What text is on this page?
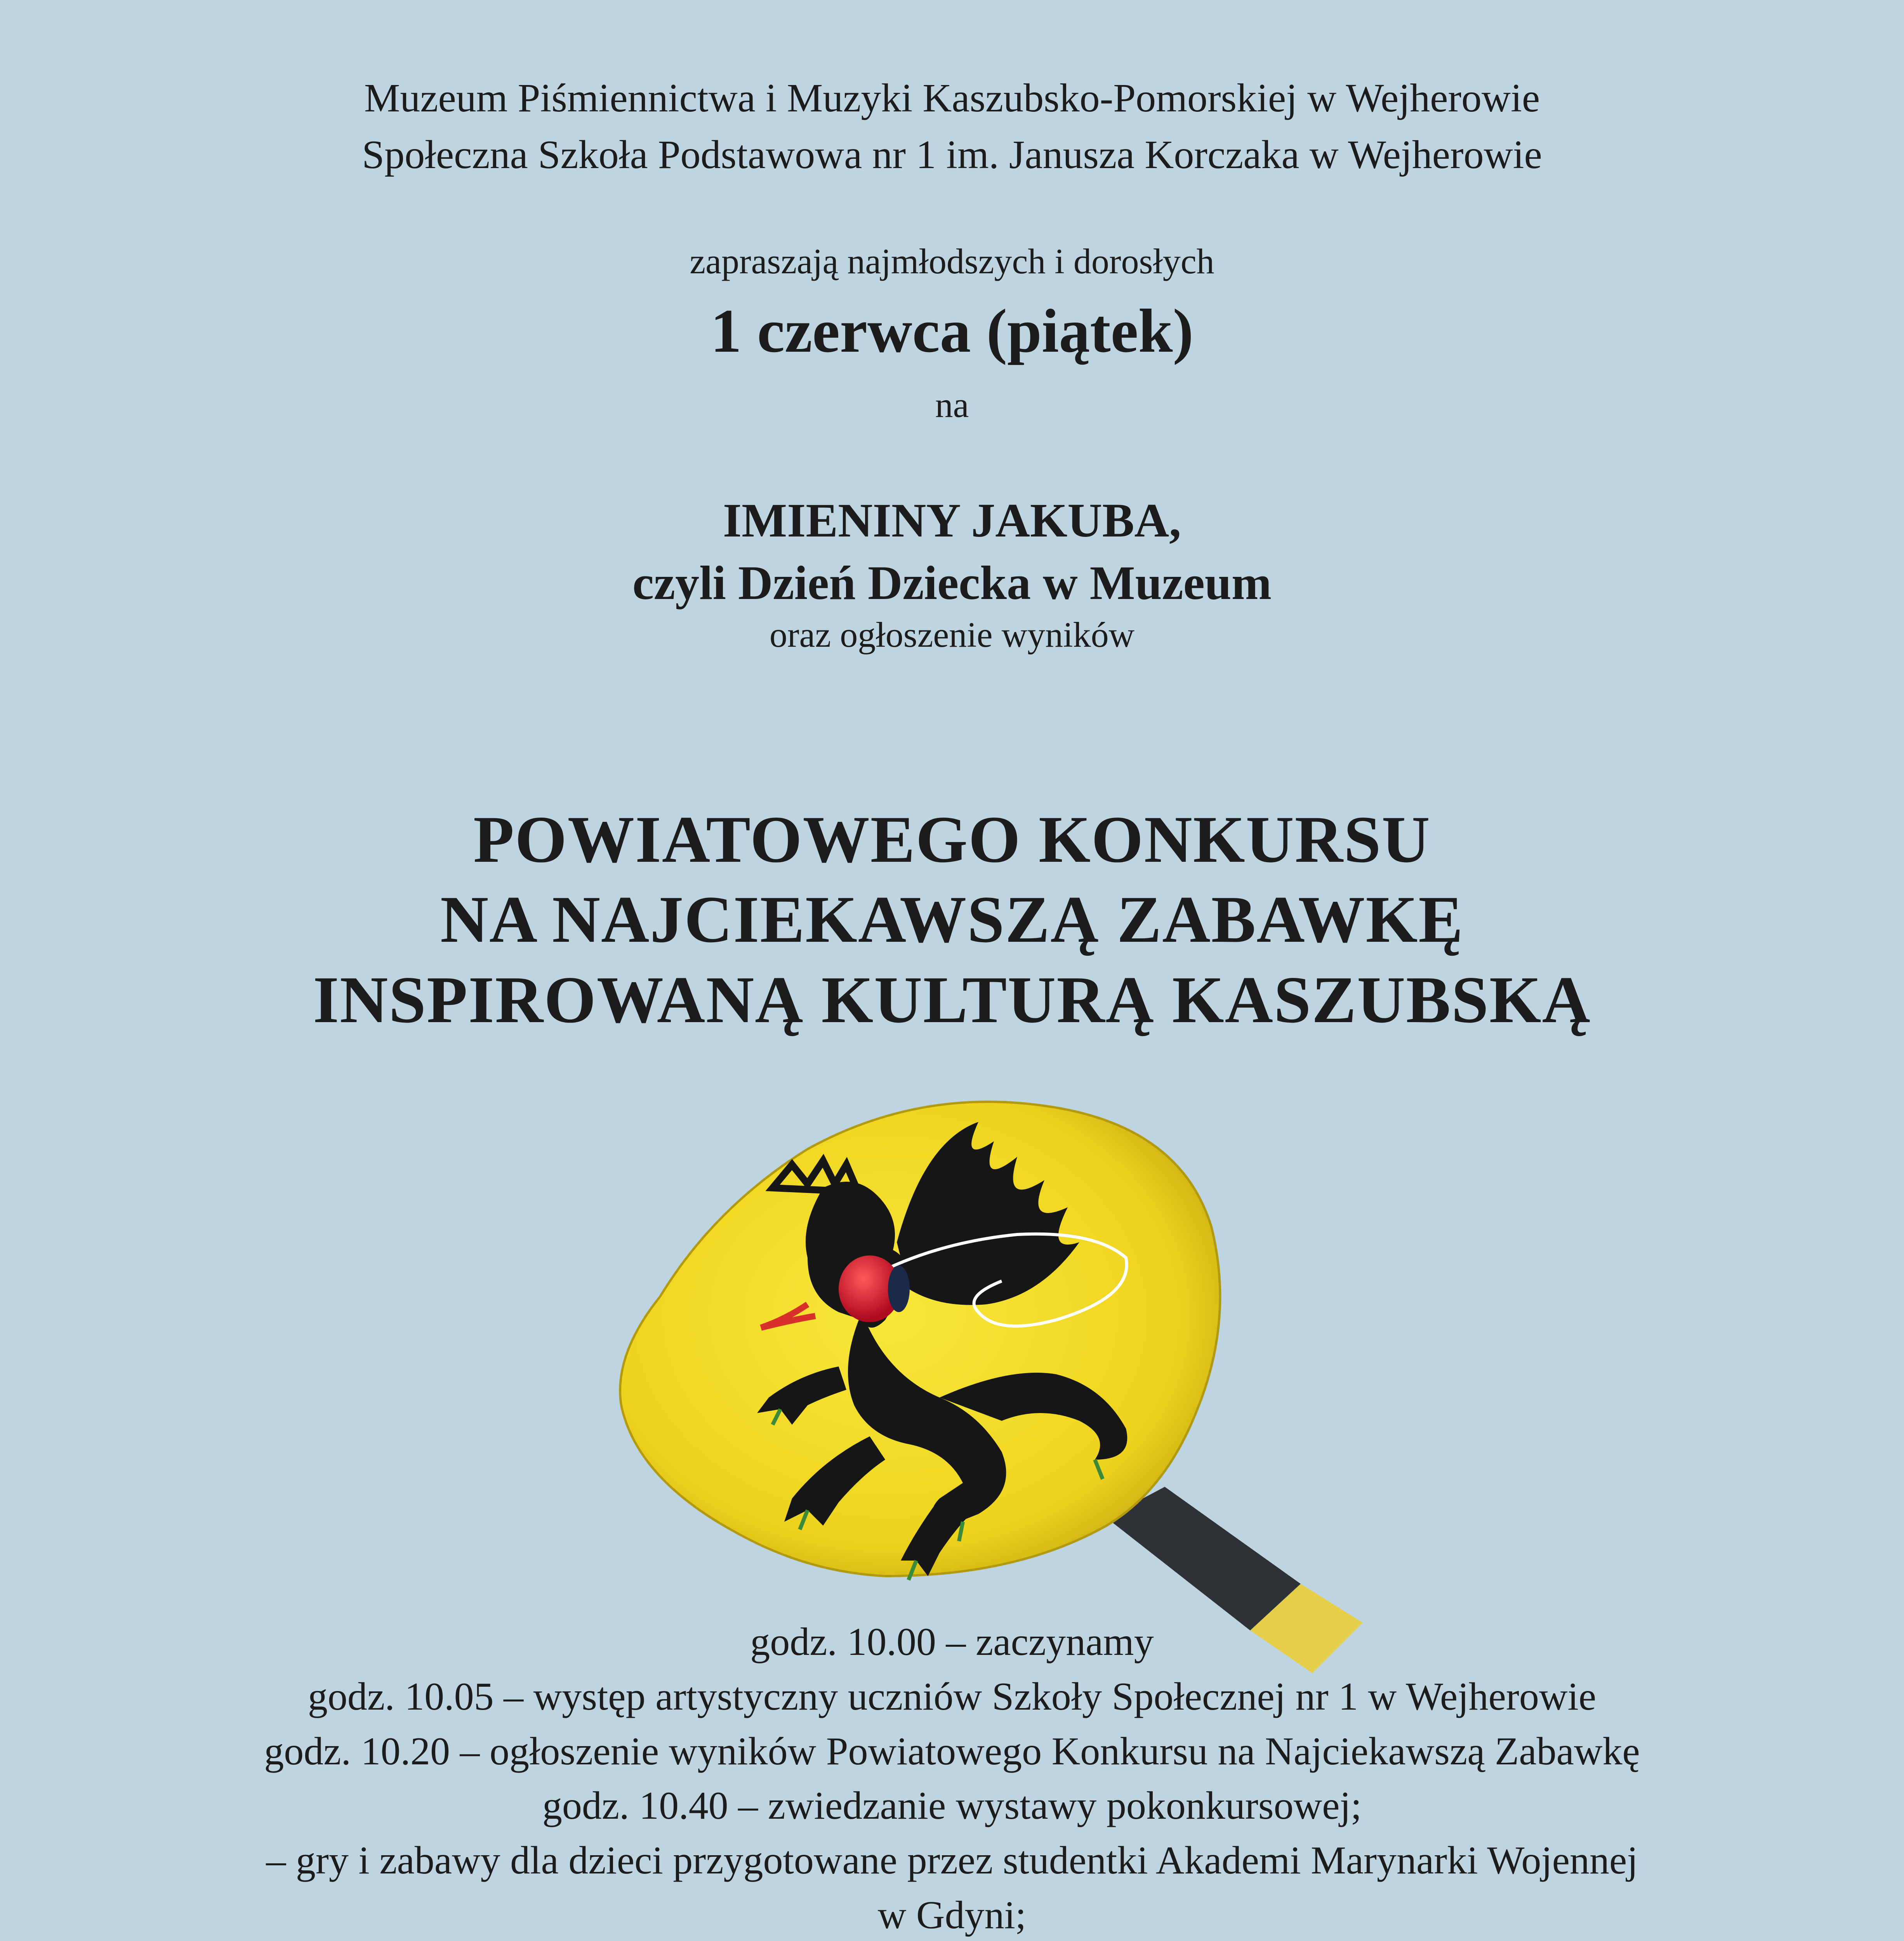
Muzeum Piśmiennictwa i Muzyki Kaszubsko-Pomorskiej w Wejherowie
Społeczna Szkoła Podstawowa nr 1 im. Janusza Korczaka w Wejherowie
zapraszają najmłodszych i dorosłych
1 czerwca (piątek)
na
IMIENINY JAKUBA,
czyli Dzień Dziecka w Muzeum
oraz ogłoszenie wyników
POWIATOWEGO KONKURSU
NA NAJCIEKAWSZĄ ZABAWKĘ
INSPIROWANĄ KULTURĄ KASZUBSKĄ
godz. 10.00 – zaczynamy
godz. 10.05 – występ artystyczny uczniów Szkoły Społecznej nr 1 w Wejherowie
godz. 10.20 – ogłoszenie wyników Powiatowego Konkursu na Najciekawszą Zabawkę
godz. 10.40 – zwiedzanie wystawy pokonkursowej;
– gry i zabawy dla dzieci przygotowane przez studentki Akademi Marynarki Wojennej
w Gdyni;
